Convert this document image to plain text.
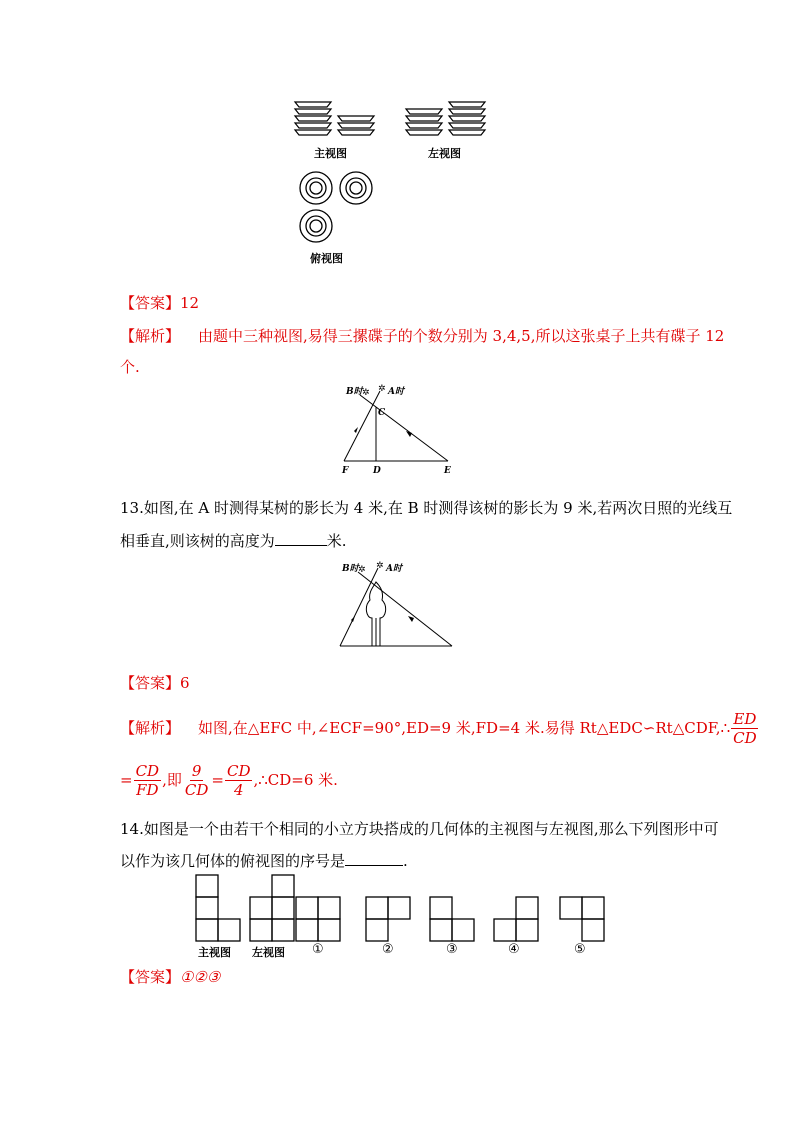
主视图	左视图
俯视图
【答案】12
【解析】 由题中三种视图,易得三摞碟子的个数分别为 3,4,5,所以这张桌子上共有碟子 12
个.
✲ ✲
B时	A时
C
F	D	E
13.如图,在 A 时测得某树的影长为 4 米,在 B 时测得该树的影长为 9 米,若两次日照的光线互
相垂直,则该树的高度为	米.
✲ ✲
B时	A时
【答案】6
【解析】 如图,在△EFC 中,∠ECF=90°,ED=9 米,FD=4 米.易得 Rt△EDC∽Rt△CDF,∴ $\frac{ED}{CD}$
= $\frac{CD}{FD}$ ,即 $\frac{9}{CD} = \frac{CD}{4}$ ,∴CD=6 米.
14.如图是一个由若干个相同的小立方块搭成的几何体的主视图与左视图,那么下列图形中可
以作为该几何体的俯视图的序号是	.
主视图 左视图 ①	②	③	④	⑤
【答案】①②③
